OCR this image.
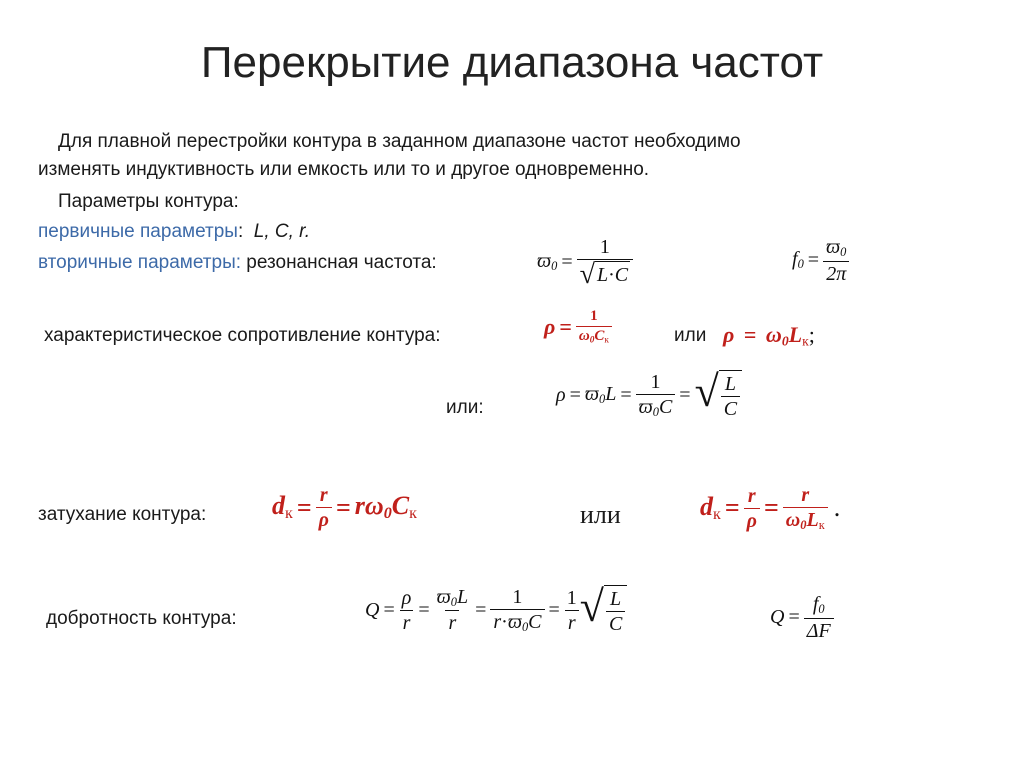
Перекрытие диапазона частот
Для плавной перестройки контура в заданном диапазоне частот необходимо
изменять индуктивность или емкость или то и другое одновременно.
Параметры контура:
первичные параметры: L, C, r.
вторичные параметры: резонансная частота:	$ϖ_0 = \frac{1}{√ L\cdot C}$	$f_0 = \frac{ϖ_0}{2\pi}$
характеристическое сопротивление контура:	$\rho = \frac{1}{\omega_0C_к}$	или $\rho = \omega_0L_к$;
или:
$\rho = ϖ_0L = \frac{1}{ϖ_0C}$ = √ $\frac{L}{C}$
затухание контура:	$d_к = \frac{r}{\rho} = r\omega_0C_к$	или	$d_к = \frac{r}{\rho} = \frac{r}{\omega_0L_к}$ .
добротность контура:	$Q = \frac{\rho}{r} = \frac{ϖ_0L}{r} = \frac{1}{r\cdot ϖ_0C} = \frac{1}{r}$ √ $\frac{L}{C}$	$Q = \frac{f_0}{\Delta F}$
